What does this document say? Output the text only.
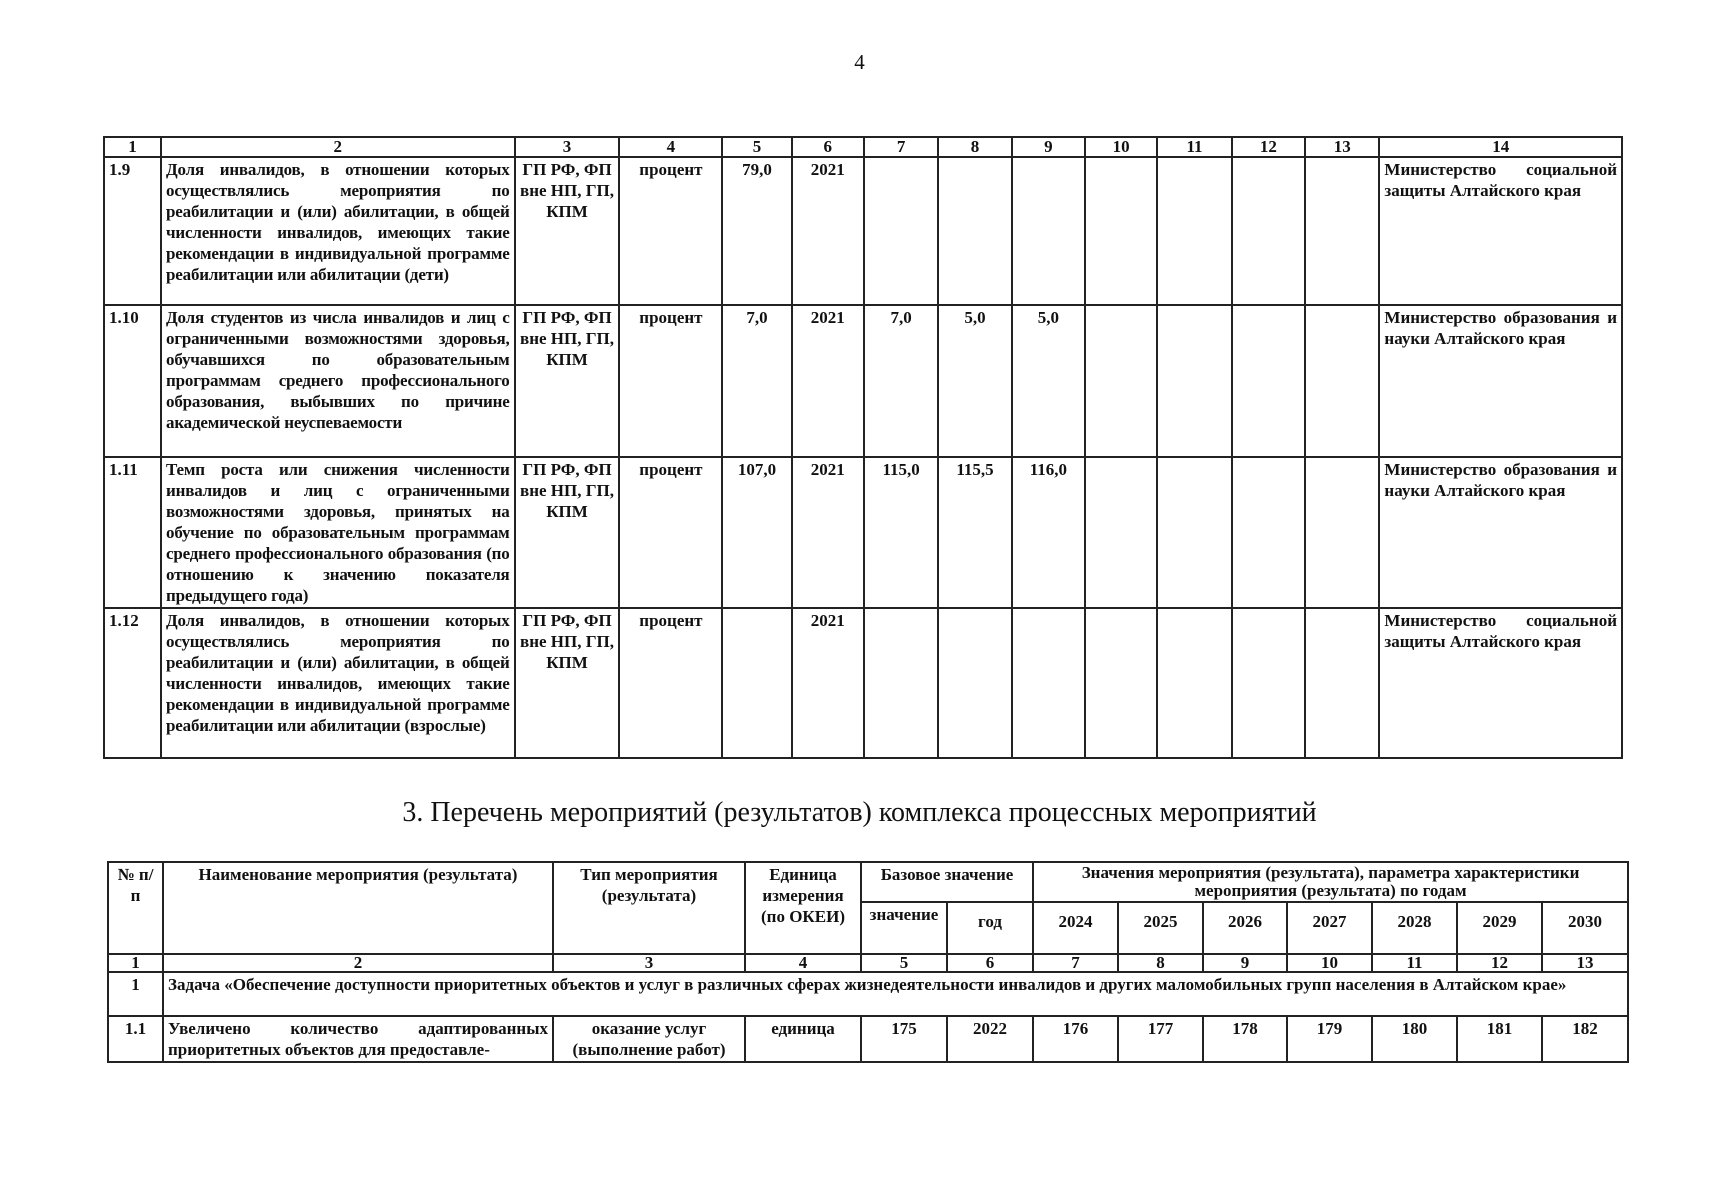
4
1	2	3	4	5	6	7	8	9	10	11	12	13	14
1.9	Доля инвалидов, в отношении которых осуществлялись мероприятия по реабилитации и (или) абилитации, в общей численности инвалидов, имеющих такие рекомендации в индивидуальной программе реабилитации или абилитации (дети)	ГП РФ, ФП вне НП, ГП, КПМ	процент	79,0	2021								Министерство социальной защиты Алтайского края
1.10	Доля студентов из числа инвалидов и лиц с ограниченными возможностями здоровья, обучавшихся по образовательным программам среднего профессионального образования, выбывших по причине академической неуспеваемости	ГП РФ, ФП вне НП, ГП, КПМ	процент	7,0	2021	7,0	5,0	5,0					Министерство образования и науки Алтайского края
1.11	Темп роста или снижения численности инвалидов и лиц с ограниченными возможностями здоровья, принятых на обучение по образовательным программам среднего профессионального образования (по отношению к значению показателя предыдущего года)	ГП РФ, ФП вне НП, ГП, КПМ	процент	107,0	2021	115,0	115,5	116,0					Министерство образования и науки Алтайского края
1.12	Доля инвалидов, в отношении которых осуществлялись мероприятия по реабилитации и (или) абилитации, в общей численности инвалидов, имеющих такие рекомендации в индивидуальной программе реабилитации или абилитации (взрослые)	ГП РФ, ФП вне НП, ГП, КПМ	процент		2021								Министерство социальной защиты Алтайского края
3. Перечень мероприятий (результатов) комплекса процессных мероприятий
№ п/п	Наименование мероприятия (результата)	Тип мероприятия (результата)	Единица измерения (по ОКЕИ)	Базовое значение		Значения мероприятия (результата), параметра характеристики мероприятия (результата) по годам						
				значение	год	2024	2025	2026	2027	2028	2029	2030
1	2	3	4	5	6	7	8	9	10	11	12	13
1	Задача «Обеспечение доступности приоритетных объектов и услуг в различных сферах жизнедеятельности инвалидов и других маломобильных групп населения в Алтайском крае»											
1.1	Увеличено количество адаптированных приоритетных объектов для предоставле-	оказание услуг (выполнение работ)	единица	175	2022	176	177	178	179	180	181	182
